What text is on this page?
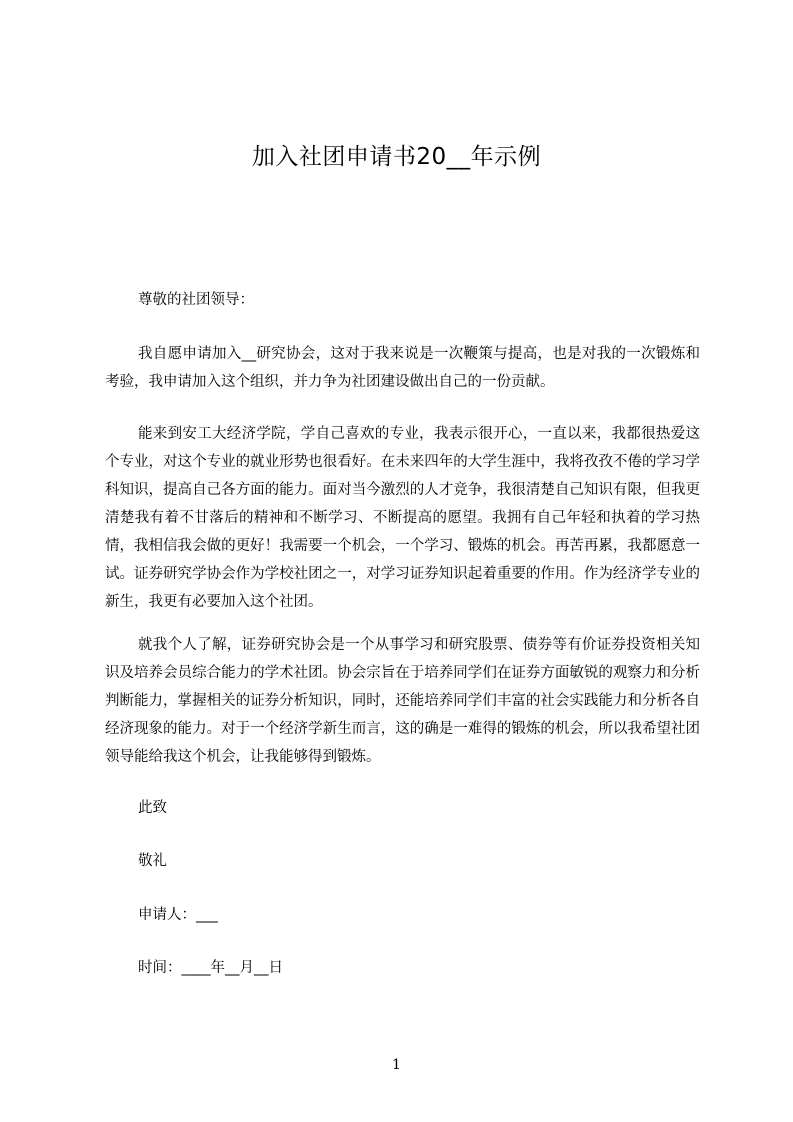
加入社团申请书20__年示例
尊敬的社团领导：

我自愿申请加入__研究协会，这对于我来说是一次鞭策与提高，也是对我的一次锻炼和考验，我申请加入这个组织，并力争为社团建设做出自己的一份贡献。

能来到安工大经济学院，学自己喜欢的专业，我表示很开心，一直以来，我都很热爱这个专业，对这个专业的就业形势也很看好。在未来四年的大学生涯中，我将孜孜不倦的学习学科知识，提高自己各方面的能力。面对当今激烈的人才竞争，我很清楚自己知识有限，但我更清楚我有着不甘落后的精神和不断学习、不断提高的愿望。我拥有自己年轻和执着的学习热情，我相信我会做的更好！我需要一个机会，一个学习、锻炼的机会。再苦再累，我都愿意一试。证券研究学协会作为学校社团之一，对学习证券知识起着重要的作用。作为经济学专业的新生，我更有必要加入这个社团。

就我个人了解，证券研究协会是一个从事学习和研究股票、债券等有价证券投资相关知识及培养会员综合能力的学术社团。协会宗旨在于培养同学们在证券方面敏锐的观察力和分析判断能力，掌握相关的证券分析知识，同时，还能培养同学们丰富的社会实践能力和分析各自经济现象的能力。对于一个经济学新生而言，这的确是一难得的锻炼的机会，所以我希望社团领导能给我这个机会，让我能够得到锻炼。

此致
敬礼
申请人：___
时间：____年__月__日
1
